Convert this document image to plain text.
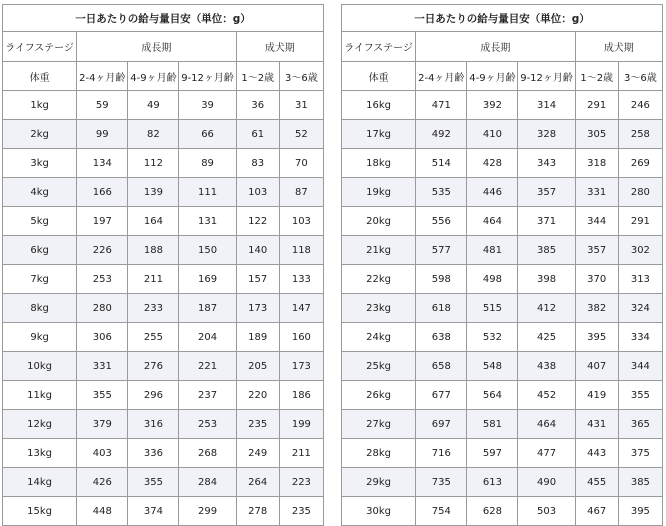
一日あたりの給与量目安（単位：g）					
ライフステージ	成長期			成犬期	
体重	2-4ヶ月齢	4-9ヶ月齢	9-12ヶ月齢	1～2歳	3～6歳
1kg	59	49	39	36	31
2kg	99	82	66	61	52
3kg	134	112	89	83	70
4kg	166	139	111	103	87
5kg	197	164	131	122	103
6kg	226	188	150	140	118
7kg	253	211	169	157	133
8kg	280	233	187	173	147
9kg	306	255	204	189	160
10kg	331	276	221	205	173
11kg	355	296	237	220	186
12kg	379	316	253	235	199
13kg	403	336	268	249	211
14kg	426	355	284	264	223
15kg	448	374	299	278	235
一日あたりの給与量目安（単位：g）					
ライフステージ	成長期			成犬期	
体重	2-4ヶ月齢	4-9ヶ月齢	9-12ヶ月齢	1～2歳	3～6歳
16kg	471	392	314	291	246
17kg	492	410	328	305	258
18kg	514	428	343	318	269
19kg	535	446	357	331	280
20kg	556	464	371	344	291
21kg	577	481	385	357	302
22kg	598	498	398	370	313
23kg	618	515	412	382	324
24kg	638	532	425	395	334
25kg	658	548	438	407	344
26kg	677	564	452	419	355
27kg	697	581	464	431	365
28kg	716	597	477	443	375
29kg	735	613	490	455	385
30kg	754	628	503	467	395
